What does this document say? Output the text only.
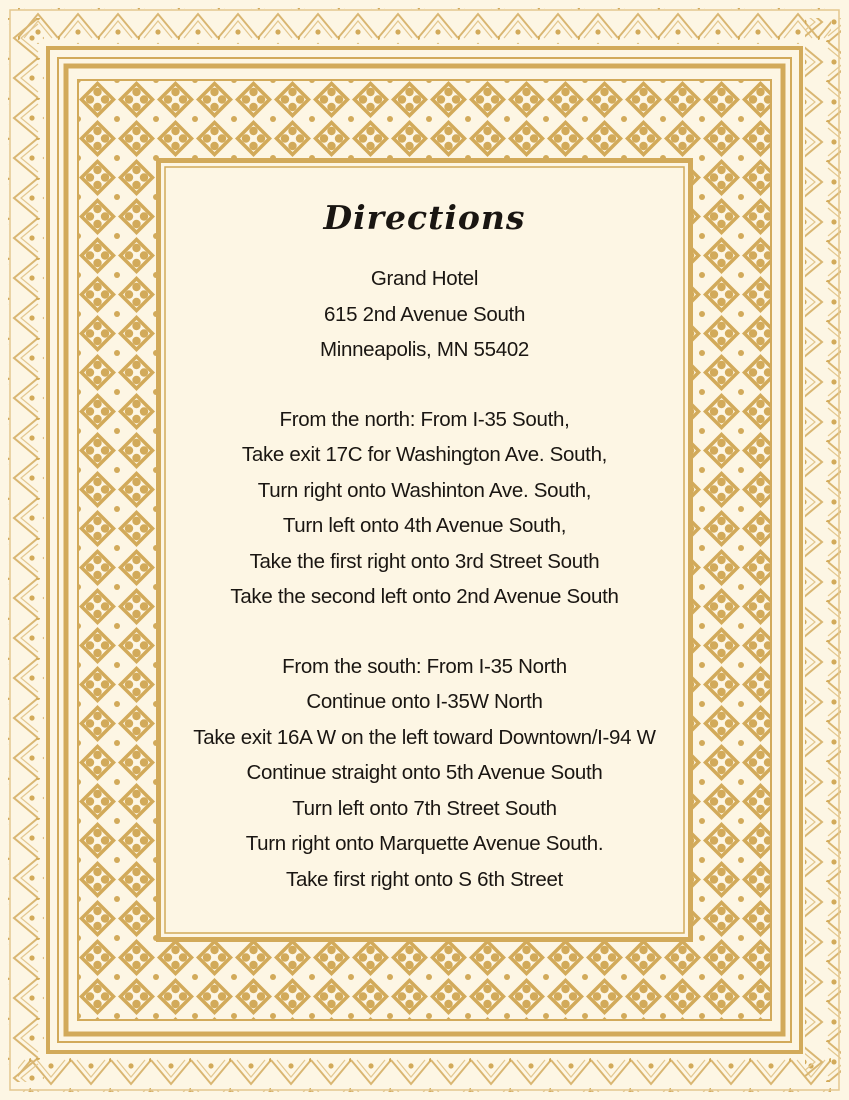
Directions
Grand Hotel
615 2nd Avenue South
Minneapolis, MN 55402
From the north: From I-35 South,
Take exit 17C for Washington Ave. South,
Turn right onto Washinton Ave. South,
Turn left onto 4th Avenue South,
Take the first right onto 3rd Street South
Take the second left onto 2nd Avenue South
From the south: From I-35 North
Continue onto I-35W North
Take exit 16A W on the left toward Downtown/I-94 W
Continue straight onto 5th Avenue South
Turn left onto 7th Street South
Turn right onto Marquette Avenue South.
Take first right onto S 6th Street
